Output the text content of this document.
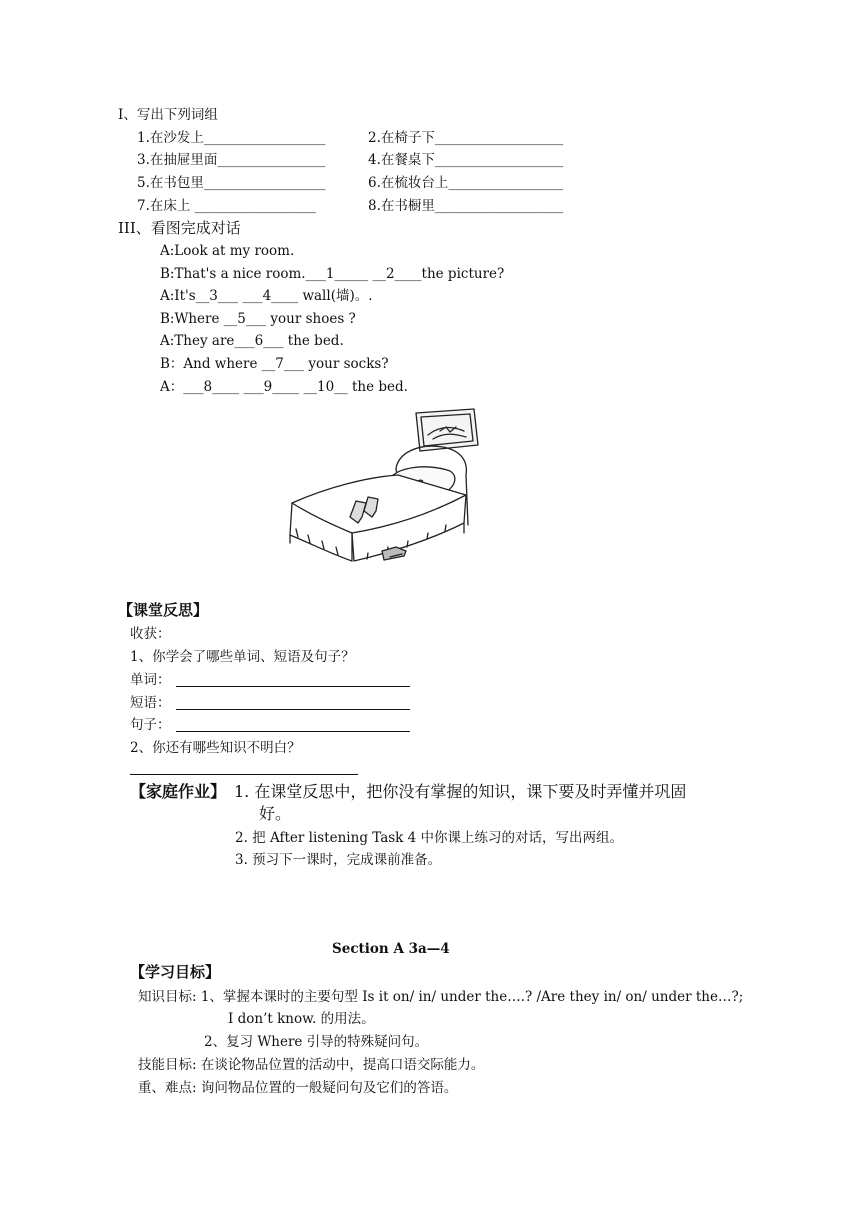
I、写出下列词组
1.在沙发上__________________	2.在椅子下___________________
3.在抽屉里面________________	4.在餐桌下___________________
5.在书包里__________________	6.在梳妆台上_________________
7.在床上 __________________	8.在书橱里___________________
III、看图完成对话
A:Look at my room.
B:That's a nice room.___1_____ __2____the picture?
A:It's__3___ ___4____ wall(墙)。.
B:Where __5___ your shoes ?
A:They are___6___ the bed.
B：And where __7___ your socks?
A：___8____ ___9____ __10__ the bed.
【课堂反思】
收获：
1、你学会了哪些单词、短语及句子？
单词：
短语：
句子：
2、你还有哪些知识不明白？
【家庭作业】 1. 在课堂反思中，把你没有掌握的知识，课下要及时弄懂并巩固
好。
2. 把 After listening Task 4 中你课上练习的对话，写出两组。
3. 预习下一课时，完成课前准备。
Section A 3a—4
【学习目标】
知识目标: 1、掌握本课时的主要句型 Is it on/ in/ under the….? /Are they in/ on/ under the…?;
I don’t know. 的用法。
2、复习 Where 引导的特殊疑问句。
技能目标: 在谈论物品位置的活动中，提高口语交际能力。
重、难点: 询问物品位置的一般疑问句及它们的答语。
